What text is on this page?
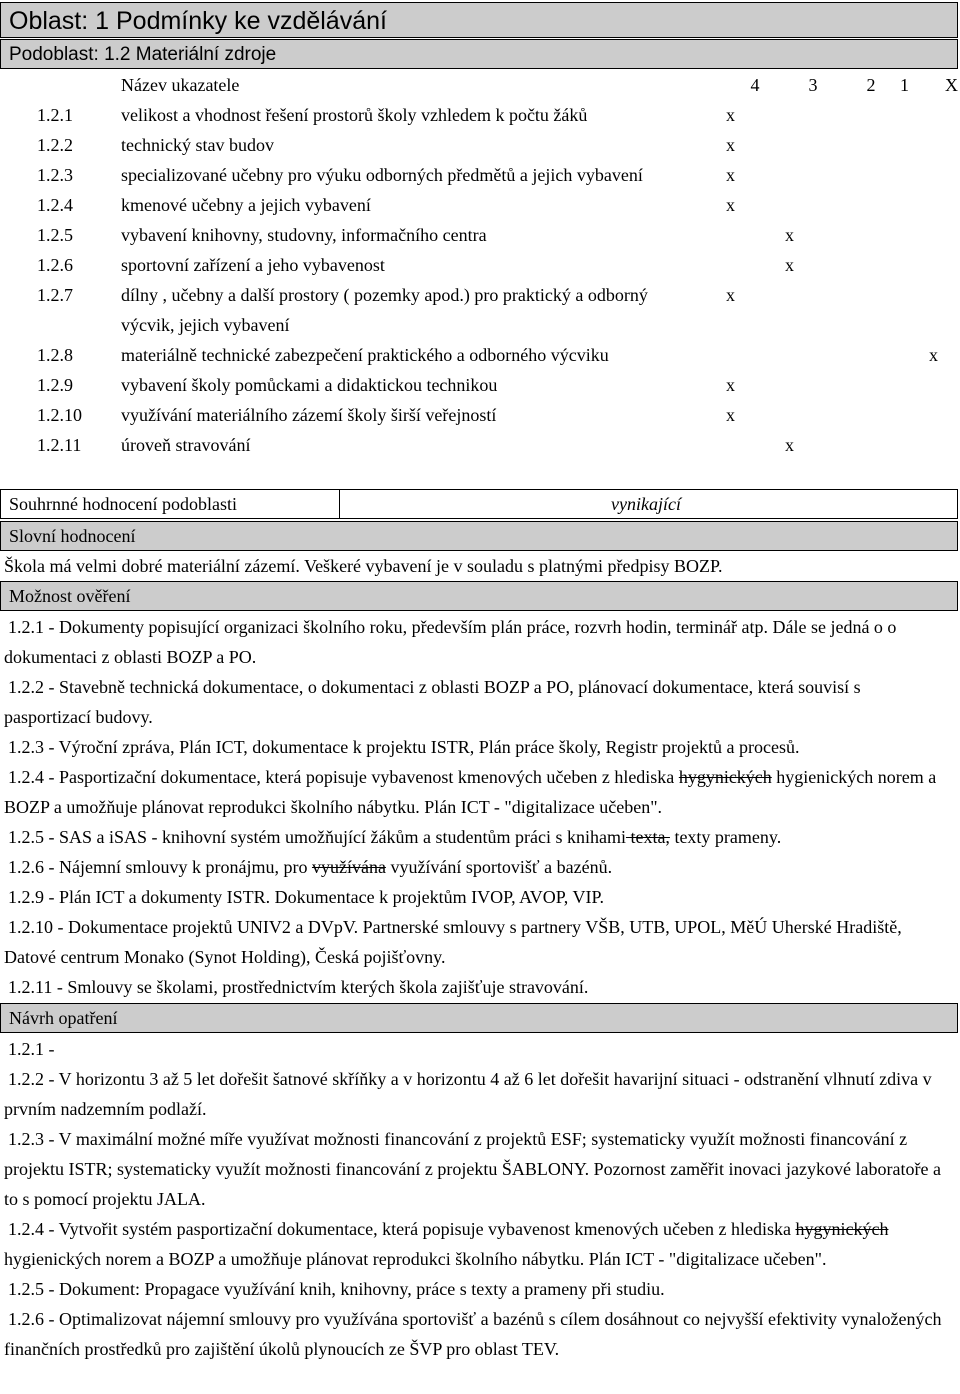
Oblast: 1 Podmínky ke vzdělávání
Podoblast: 1.2 Materiální zdroje
	Název ukazatele		4	3	2	1        X
1.2.1	velikost a vhodnost řešení prostorů školy vzhledem k počtu žáků		x			
1.2.2	technický stav budov		x			
1.2.3	specializované učebny pro výuku odborných předmětů a jejich vybavení		x			
1.2.4	kmenové učebny a jejich vybavení		x			
1.2.5	vybavení knihovny, studovny, informačního centra			x		
1.2.6	sportovní zařízení a jeho vybavenost			x		
1.2.7	dílny , učebny a další prostory ( pozemky apod.) pro praktický a odborný výcvik, jejich vybavení		x			
1.2.8	materiálně technické zabezpečení praktického a odborného výcviku					x
1.2.9	vybavení školy pomůckami a didaktickou technikou		x			
1.2.10	využívání materiálního zázemí školy širší veřejností		x			
1.2.11	úroveň stravování			x		
Souhrnné hodnocení podoblasti	vynikající
Slovní hodnocení
Škola má velmi dobré materiální zázemí. Veškeré vybavení je v souladu s platnými předpisy BOZP.
Možnost ověření
1.2.1 - Dokumenty popisující organizaci školního roku, především plán práce, rozvrh hodin, terminář atp. Dále se jedná o o dokumentaci z oblasti BOZP a PO.
1.2.2 - Stavebně technická dokumentace, o dokumentaci z oblasti BOZP a PO, plánovací dokumentace, která souvisí s pasportizací budovy.
1.2.3 - Výroční zpráva, Plán ICT, dokumentace k projektu ISTR, Plán práce školy, Registr projektů a procesů.
1.2.4 - Pasportizační dokumentace, která popisuje vybavenost kmenových učeben z hlediska hygynických hygienických norem a BOZP a umožňuje plánovat reprodukci školního nábytku. Plán ICT - "digitalizace učeben".
1.2.5 - SAS a iSAS - knihovní systém umožňující žákům a studentům práci s knihami texta, texty prameny.
1.2.6 - Nájemní smlouvy k pronájmu, pro využívána využívání sportovišť a bazénů.
1.2.9 - Plán ICT a dokumenty ISTR. Dokumentace k projektům IVOP, AVOP, VIP.
1.2.10 - Dokumentace projektů UNIV2 a DVpV. Partnerské smlouvy s partnery VŠB, UTB, UPOL, MěÚ Uherské Hradiště, Datové centrum Monako (Synot Holding), Česká pojišťovny.
1.2.11 - Smlouvy se školami, prostřednictvím kterých škola zajišťuje stravování.
Návrh opatření
1.2.1 -
1.2.2 - V horizontu 3 až 5 let dořešit šatnové skříňky a v horizontu 4 až 6 let dořešit havarijní situaci - odstranění vlhnutí zdiva v prvním nadzemním podlaží.
1.2.3 - V maximální možné míře využívat možnosti financování z projektů ESF; systematicky využít možnosti financování z projektu ISTR; systematicky využít možnosti financování z projektu ŠABLONY. Pozornost zaměřit inovaci jazykové laboratoře a to s pomocí projektu JALA.
1.2.4 - Vytvořit systém pasportizační dokumentace, která popisuje vybavenost kmenových učeben z hlediska hygynických hygienických norem a BOZP a umožňuje plánovat reprodukci školního nábytku. Plán ICT - "digitalizace učeben".
1.2.5 - Dokument: Propagace využívání knih, knihovny, práce s texty a prameny při studiu.
1.2.6 - Optimalizovat nájemní smlouvy pro využívána sportovišť a bazénů s cílem dosáhnout co nejvyšší efektivity vynaložených finančních prostředků pro zajištění úkolů plynoucích ze ŠVP pro oblast TEV.
